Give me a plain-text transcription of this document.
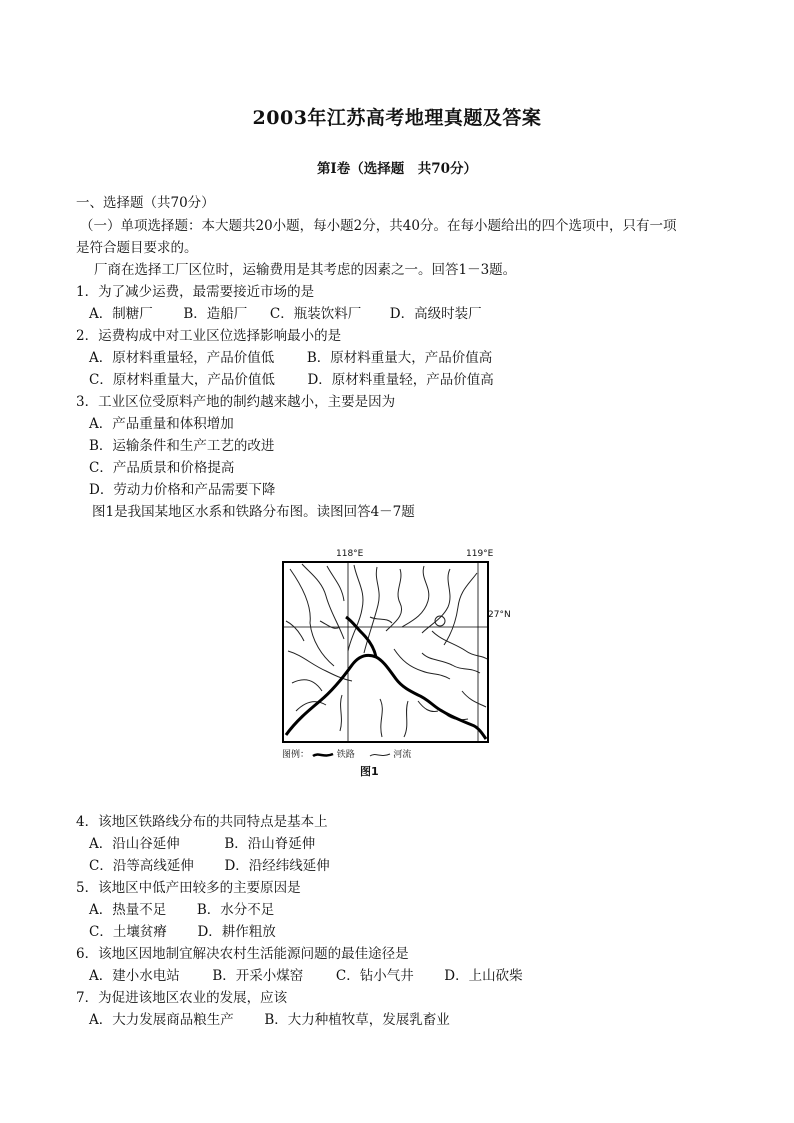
2003年江苏高考地理真题及答案
第Ⅰ卷（选择题　共70分）
一、选择题（共70分）
（一）单项选择题：本大题共20小题，每小题2分，共40分。在每小题给出的四个选项中，只有一项
是符合题目要求的。
厂商在选择工厂区位时，运输费用是其考虑的因素之一。回答1－3题。
1．为了减少运费，最需要接近市场的是
A．制糖厂 B．造船厂 C．瓶装饮料厂 D．高级时装厂
2．运费构成中对工业区位选择影响最小的是
A．原材料重量轻，产品价值低 B．原材料重量大，产品价值高
C．原材料重量大，产品价值低 D．原材料重量轻，产品价值高
3．工业区位受原料产地的制约越来越小，主要是因为
A．产品重量和体积增加
B．运输条件和生产工艺的改进
C．产品质景和价格提高
D．劳动力价格和产品需要下降
图1是我国某地区水系和铁路分布图。读图回答4－7题
118°E	119°E
27°N
图例：	铁路	河流
图1
4．该地区铁路线分布的共同特点是基本上
A．沿山谷延伸	B．沿山脊延伸
C．沿等高线延伸 D．沿经纬线延伸
5．该地区中低产田较多的主要原因是
A．热量不足 B．水分不足
C．土壤贫瘠 D．耕作粗放
6．该地区因地制宜解决农村生活能源问题的最佳途径是
A．建小水电站 B．开采小煤窑 C．钻小气井 D．上山砍柴
7．为促进该地区农业的发展，应该
A．大力发展商品粮生产 B．大力种植牧草，发展乳畜业
